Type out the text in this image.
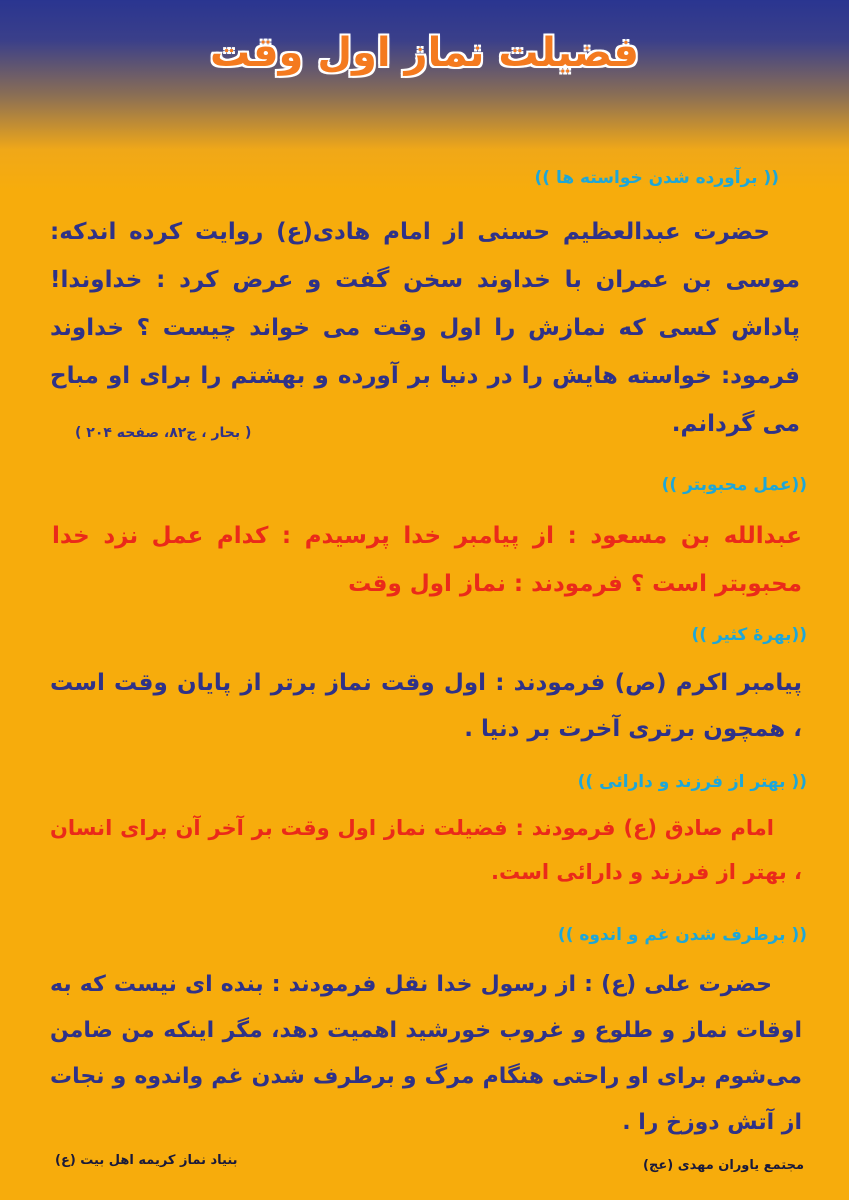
فضیلت نماز اول وقت
(( برآورده شدن خواسته ها ))
حضرت عبدالعظیم حسنی از امام هادی(ع) روایت کرده اندکه: موسی بن عمران با خداوند سخن گفت و عرض کرد : خداوندا! پاداش کسی که نمازش را اول وقت می خواند چیست ؟ خداوند فرمود: خواسته هایش را در دنیا بر آورده و بهشتم را برای او مباح می گردانم.
( بحار ، ج۸۲، صفحه ۲۰۴ )
((عمل محبوبتر ))
عبدالله بن مسعود : از پیامبر خدا پرسیدم : کدام عمل نزد خدا محبوبتر است ؟ فرمودند : نماز اول وقت
((بهرهٔ کثیر ))
پیامبر اکرم (ص) فرمودند : اول وقت نماز برتر از پایان وقت است ، همچون برتری آخرت بر دنیا .
(( بهتر از فرزند و دارائی ))
امام صادق (ع) فرمودند : فضیلت نماز اول وقت بر آخر آن برای انسان ، بهتر از فرزند و دارائی است.
(( برطرف شدن غم و اندوه ))
حضرت علی (ع) : از رسول خدا نقل فرمودند : بنده ای نیست که به اوقات نماز و طلوع و غروب خورشید اهمیت دهد، مگر اینکه من ضامن می‌شوم برای او راحتی هنگام مرگ و برطرف شدن غم واندوه و نجات از آتش دوزخ را .
مجتمع یاوران مهدی (عج)
بنیاد نماز کریمه اهل بیت (ع)
